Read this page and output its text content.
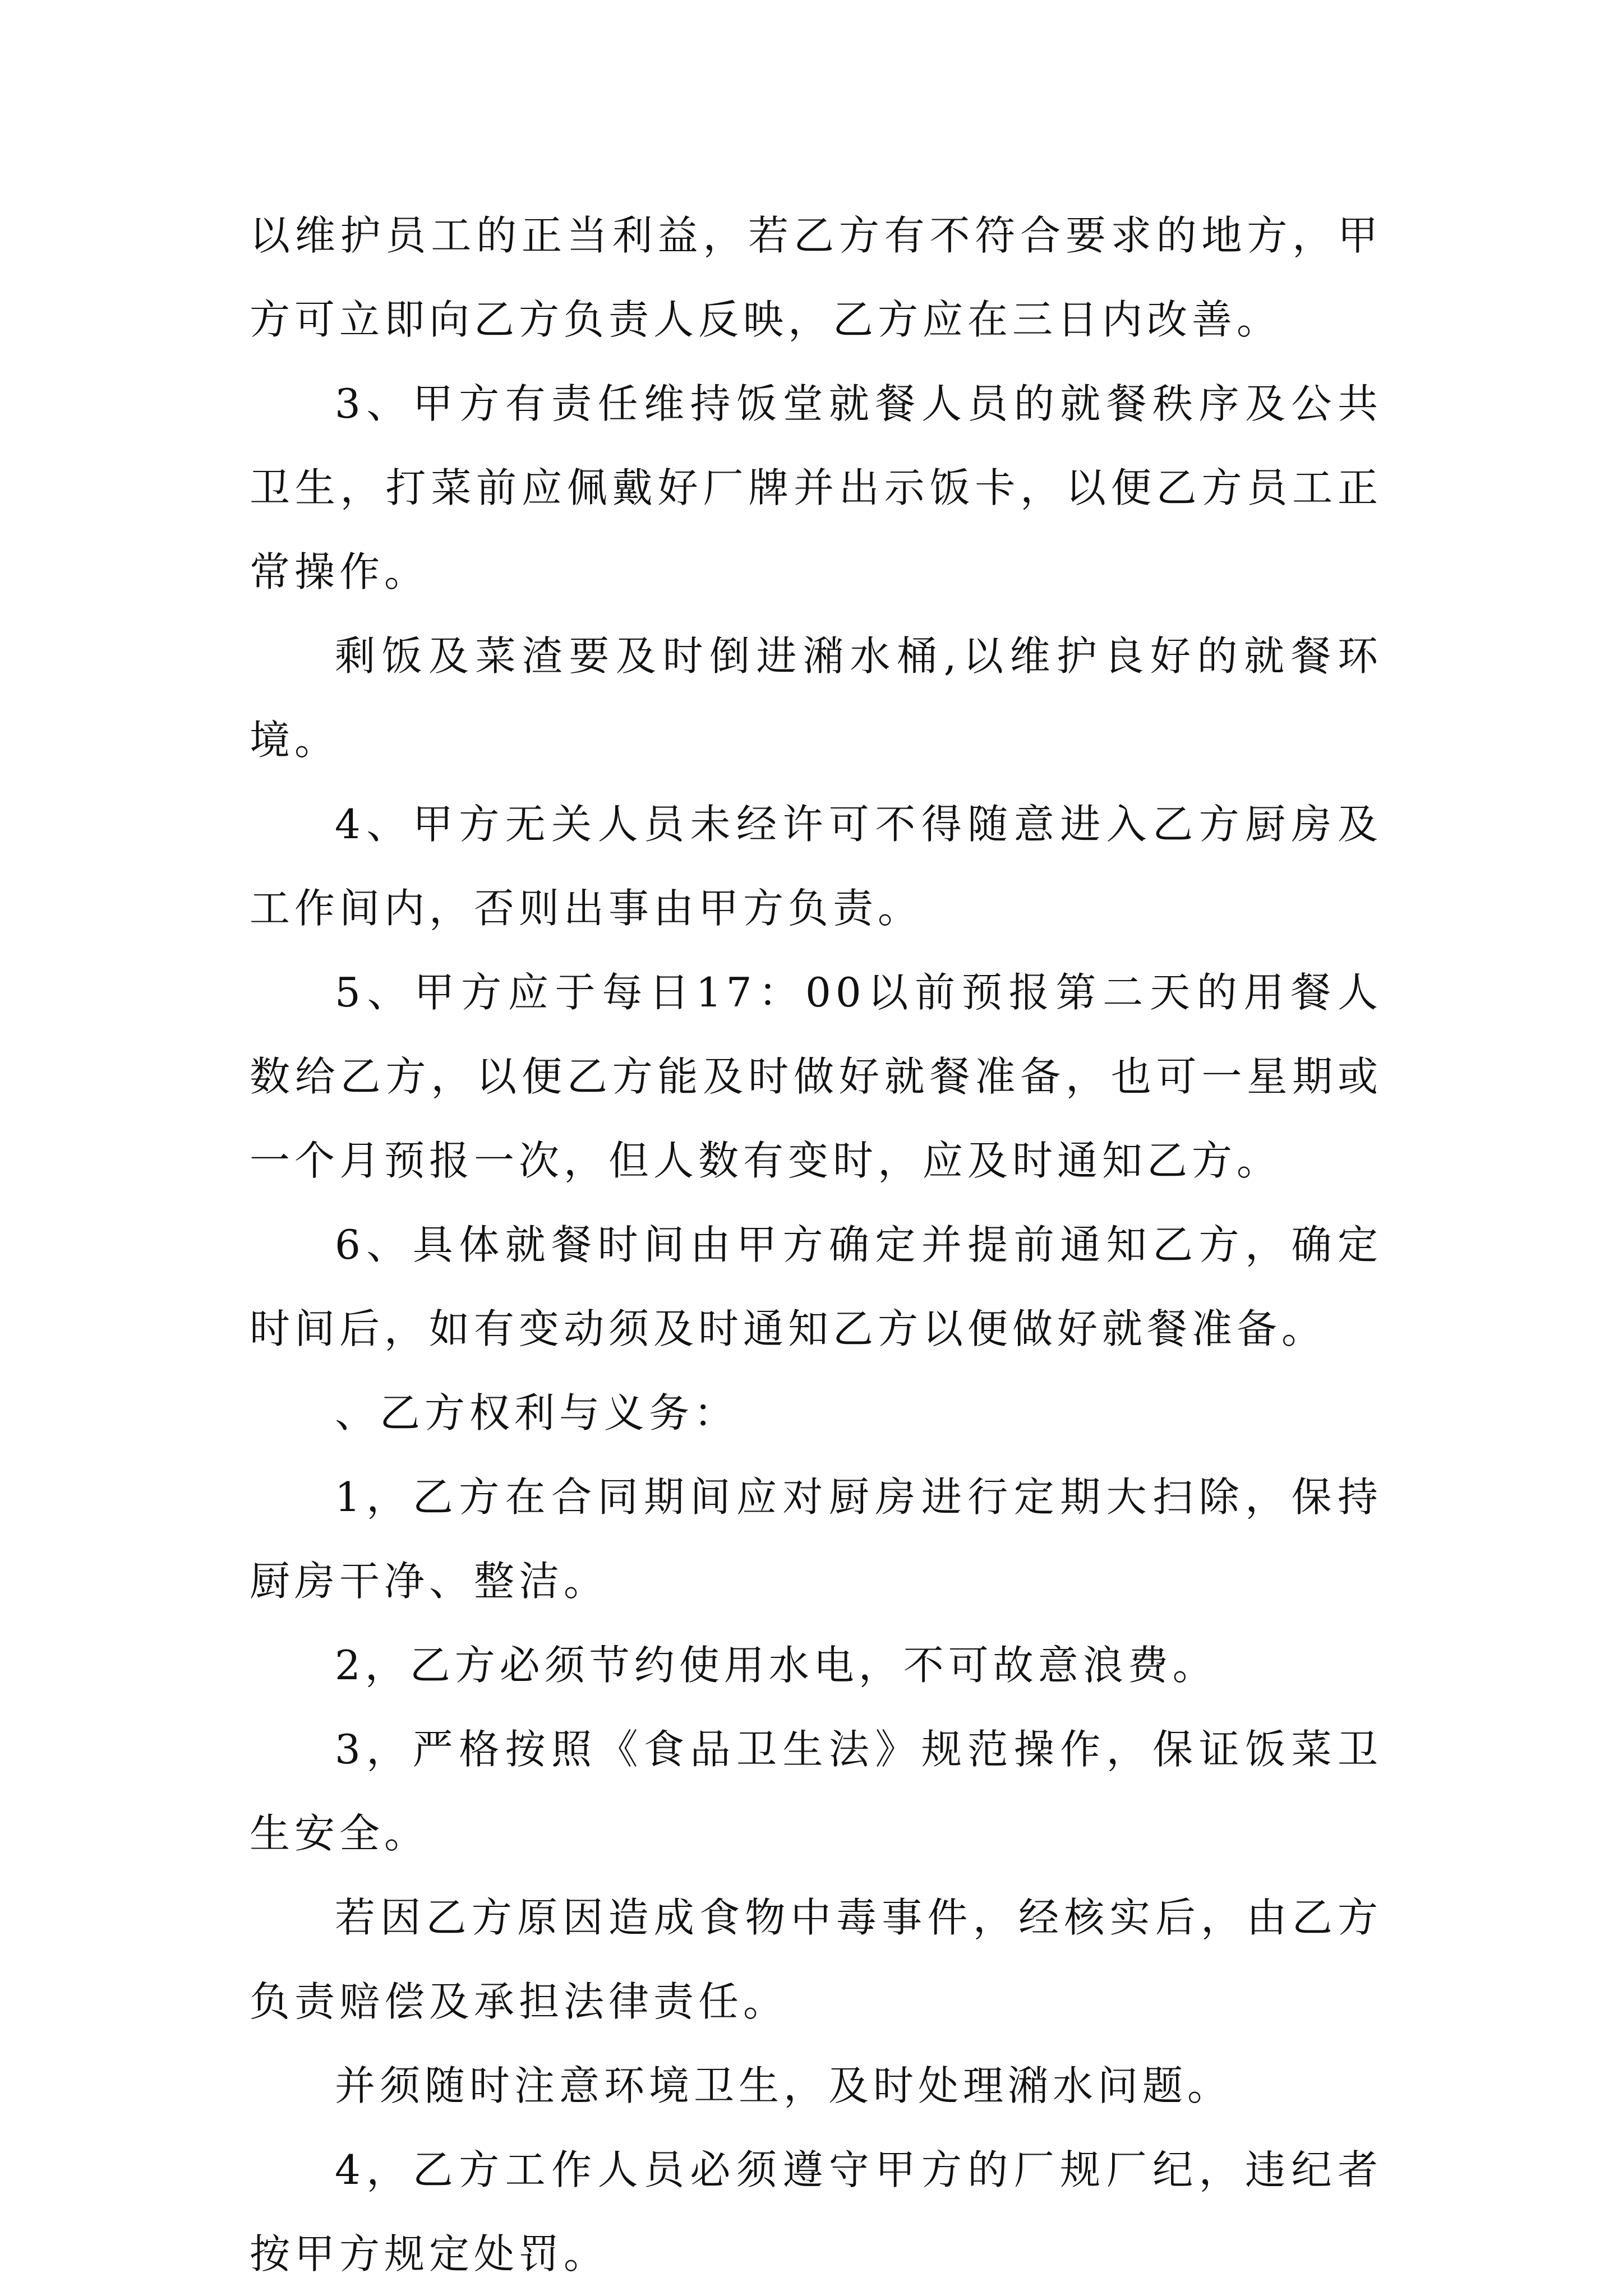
以维护员工的正当利益，若乙方有不符合要求的地方，甲方可立即向乙方负责人反映，乙方应在三日内改善。

3、甲方有责任维持饭堂就餐人员的就餐秩序及公共卫生，打菜前应佩戴好厂牌并出示饭卡，以便乙方员工正常操作。

剩饭及菜渣要及时倒进潲水桶,以维护良好的就餐环境。

4、甲方无关人员未经许可不得随意进入乙方厨房及工作间内，否则出事由甲方负责。

5、甲方应于每日17：00以前预报第二天的用餐人数给乙方，以便乙方能及时做好就餐准备，也可一星期或一个月预报一次，但人数有变时，应及时通知乙方。

6、具体就餐时间由甲方确定并提前通知乙方，确定时间后，如有变动须及时通知乙方以便做好就餐准备。

、乙方权利与义务：

1，乙方在合同期间应对厨房进行定期大扫除，保持厨房干净、整洁。

2，乙方必须节约使用水电，不可故意浪费。

3，严格按照《食品卫生法》规范操作，保证饭菜卫生安全。

若因乙方原因造成食物中毒事件，经核实后，由乙方负责赔偿及承担法律责任。

并须随时注意环境卫生，及时处理潲水问题。

4，乙方工作人员必须遵守甲方的厂规厂纪，违纪者按甲方规定处罚。
